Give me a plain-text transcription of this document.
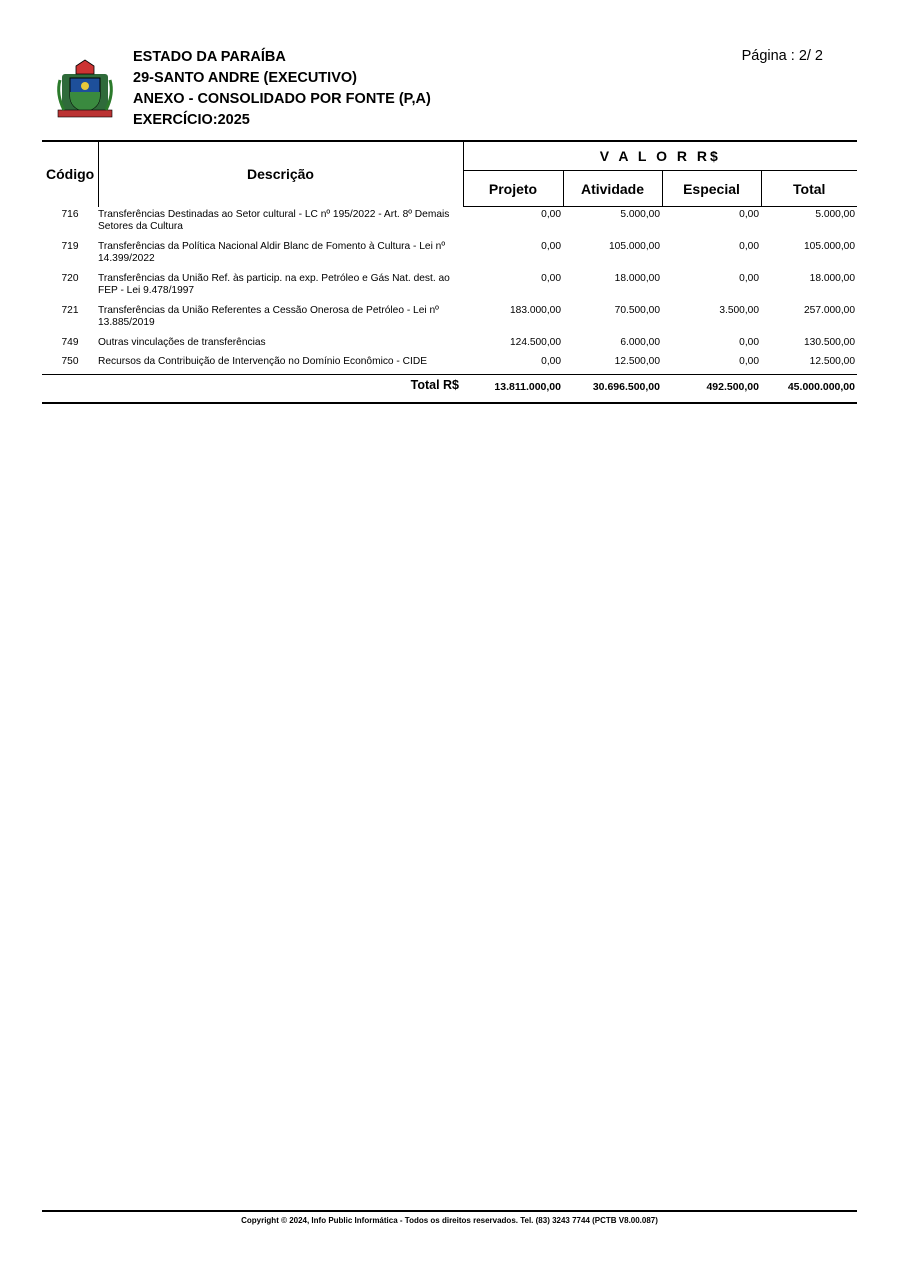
ESTADO DA PARAÍBA
29-SANTO ANDRE (EXECUTIVO)
ANEXO - CONSOLIDADO POR FONTE (P,A)
EXERCÍCIO:2025
Página : 2/ 2
Código	Descrição	V A L O R R$			
		Projeto	Atividade	Especial	Total
716	Transferências Destinadas ao Setor cultural - LC nº 195/2022 - Art. 8º Demais Setores da Cultura	0,00	5.000,00	0,00	5.000,00
719	Transferências da Política Nacional Aldir Blanc de Fomento à Cultura - Lei nº 14.399/2022	0,00	105.000,00	0,00	105.000,00
720	Transferências da União Ref. às particip. na exp. Petróleo e Gás Nat. dest. ao FEP - Lei 9.478/1997	0,00	18.000,00	0,00	18.000,00
721	Transferências da União Referentes a Cessão Onerosa de Petróleo - Lei nº 13.885/2019	183.000,00	70.500,00	3.500,00	257.000,00
749	Outras vinculações de transferências	124.500,00	6.000,00	0,00	130.500,00
750	Recursos da Contribuição de Intervenção no Domínio Econômico - CIDE	0,00	12.500,00	0,00	12.500,00
	Total R$	13.811.000,00	30.696.500,00	492.500,00	45.000.000,00
Copyright © 2024, Info Public Informática - Todos os direitos reservados. Tel. (83) 3243 7744 (PCTB V8.00.087)
